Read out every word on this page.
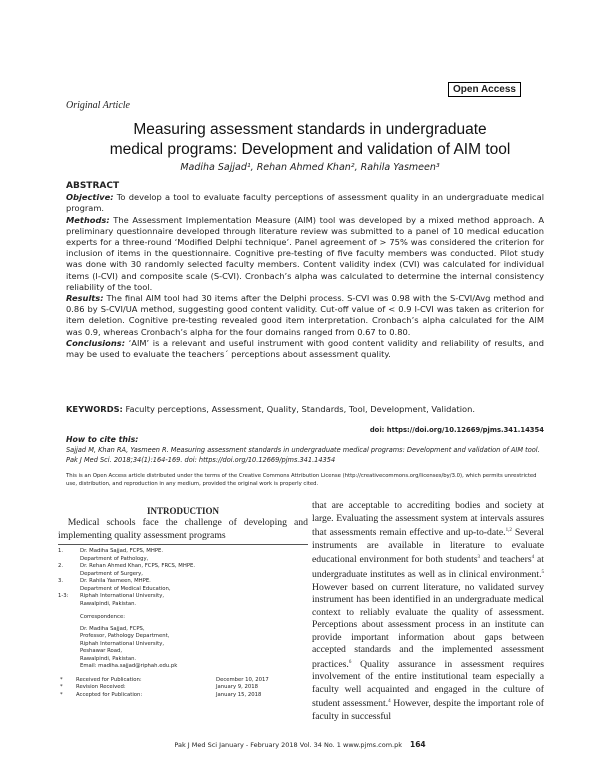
Open Access
Original Article
Measuring assessment standards in undergraduate
medical programs: Development and validation of AIM tool
Madiha Sajjad¹, Rehan Ahmed Khan², Rahila Yasmeen³
ABSTRACT

Objective: To develop a tool to evaluate faculty perceptions of assessment quality in an undergraduate medical program.

Methods: The Assessment Implementation Measure (AIM) tool was developed by a mixed method approach. A preliminary questionnaire developed through literature review was submitted to a panel of 10 medical education experts for a three-round ‘Modified Delphi technique’. Panel agreement of > 75% was considered the criterion for inclusion of items in the questionnaire. Cognitive pre-testing of five faculty members was conducted. Pilot study was done with 30 randomly selected faculty members. Content validity index (CVI) was calculated for individual items (I-CVI) and composite scale (S-CVI). Cronbach’s alpha was calculated to determine the internal consistency reliability of the tool.

Results: The final AIM tool had 30 items after the Delphi process. S-CVI was 0.98 with the S-CVI/Avg method and 0.86 by S-CVI/UA method, suggesting good content validity. Cut-off value of < 0.9 I-CVI was taken as criterion for item deletion. Cognitive pre-testing revealed good item interpretation. Cronbach’s alpha calculated for the AIM was 0.9, whereas Cronbach’s alpha for the four domains ranged from 0.67 to 0.80.

Conclusions: ‘AIM’ is a relevant and useful instrument with good content validity and reliability of results, and may be used to evaluate the teachers´ perceptions about assessment quality.

KEYWORDS: Faculty perceptions, Assessment, Quality, Standards, Tool, Development, Validation.
doi: https://doi.org/10.12669/pjms.341.14354
How to cite this:
Sajjad M, Khan RA, Yasmeen R. Measuring assessment standards in undergraduate medical programs: Development and validation of AIM tool. Pak J Med Sci. 2018;34(1):164-169. doi: https://doi.org/10.12669/pjms.341.14354
This is an Open Access article distributed under the terms of the Creative Commons Attribution License (http://creativecommons.org/licenses/by/3.0), which permits unrestricted use, distribution, and reproduction in any medium, provided the original work is properly cited.
INTRODUCTION
Medical schools face the challenge of developing and implementing quality assessment programs
1.	Dr. Madiha Sajjad, FCPS, MHPE.
Department of Pathology,
2.	Dr. Rehan Ahmed Khan, FCPS, FRCS, MHPE.
Department of Surgery,
3.	Dr. Rahila Yasmeen, MHPE.
Department of Medical Education,
1-3: Riphah International University,
Rawalpindi, Pakistan.
Correspondence:
Dr. Madiha Sajjad, FCPS,
Professor, Pathology Department,
Riphah International University,
Peshawar Road,
Rawalpindi, Pakistan.
Email: madiha.sajjad@riphah.edu.pk
*	Received for Publication:	December 10, 2017
*	Revision Received:	January 9, 2018
*	Accepted for Publication:	January 15, 2018
that are acceptable to accrediting bodies and society at large. Evaluating the assessment system at intervals assures that assessments remain effective and up-to-date.$^{1,2}$ Several instruments are available in literature to evaluate educational environment for both students$^3$ and teachers$^4$ at undergraduate institutes as well as in clinical environment.$^5$ However based on current literature, no validated survey instrument has been identified in an undergraduate medical context to reliably evaluate the quality of assessment. Perceptions about assessment process in an institute can provide important information about gaps between accepted standards and the implemented assessment practices.$^6$ Quality assurance in assessment requires involvement of the entire institutional team especially a faculty well acquainted and engaged in the culture of student assessment.$^4$ However, despite the important role of faculty in successful
Pak J Med Sci January - February 2018 Vol. 34 No. 1 www.pjms.com.pk 164
